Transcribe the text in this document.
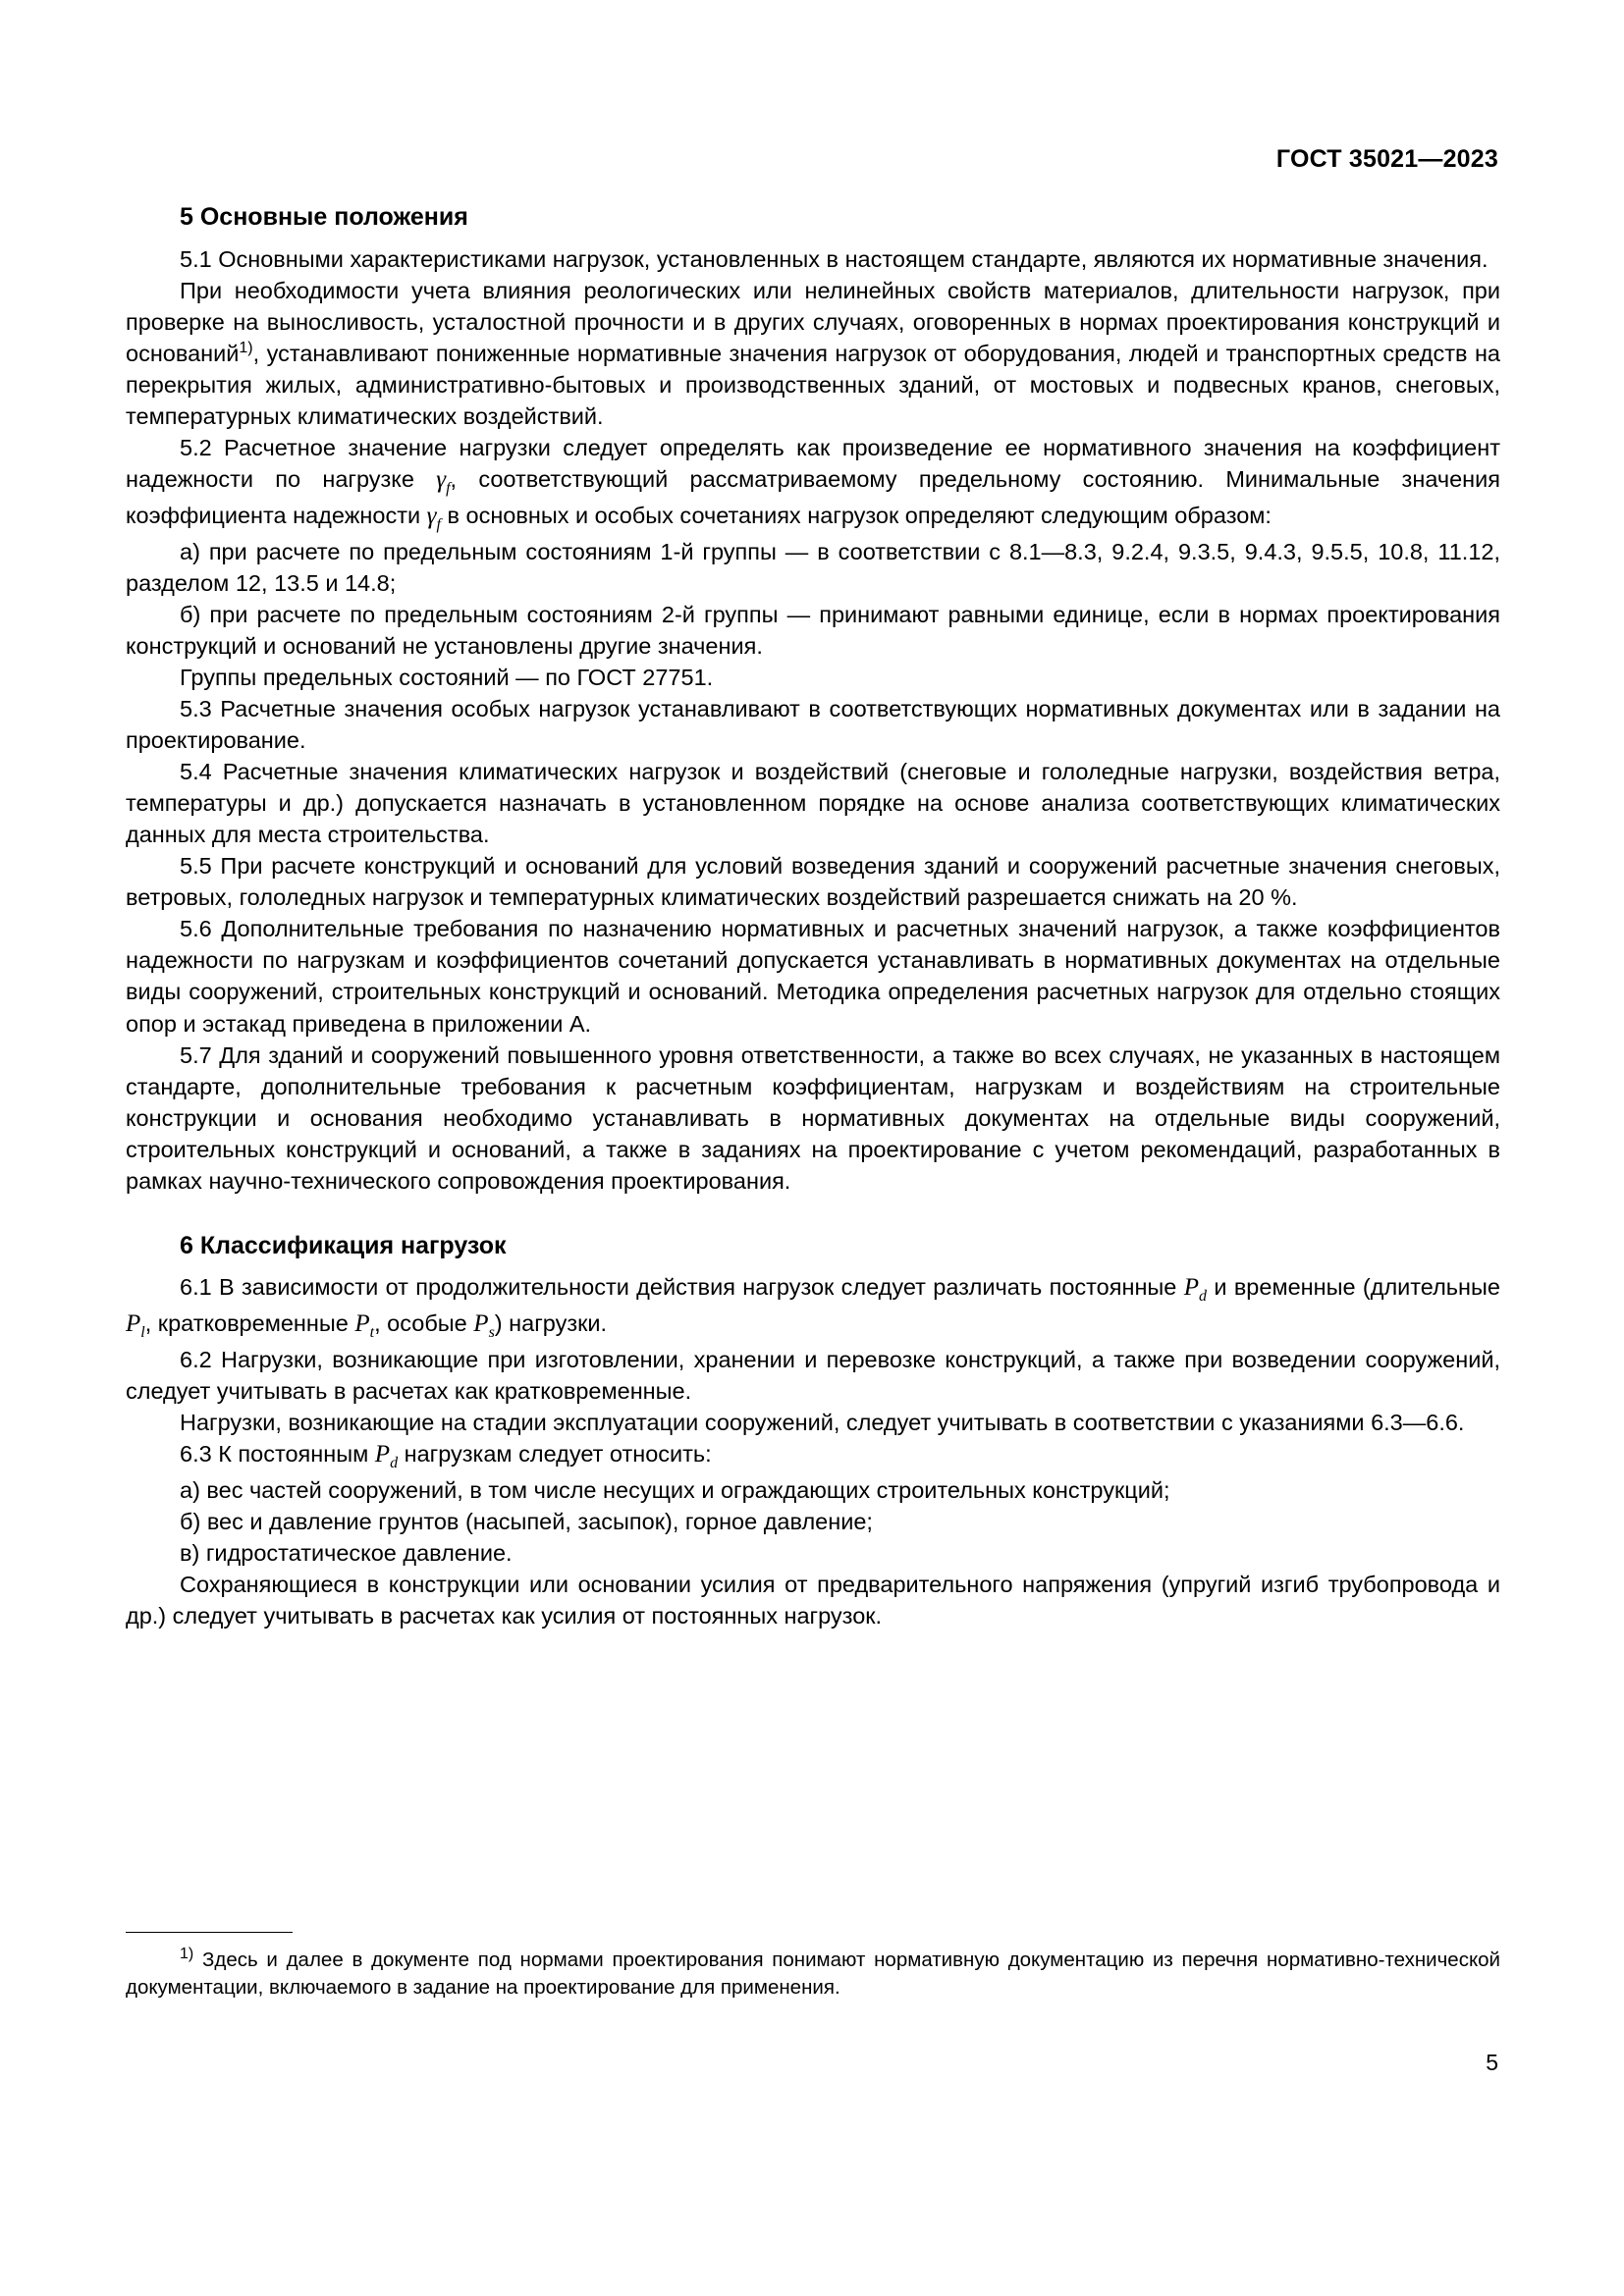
ГОСТ 35021—2023
5 Основные положения

5.1 Основными характеристиками нагрузок, установленных в настоящем стандарте, являются их нормативные значения.

При необходимости учета влияния реологических или нелинейных свойств материалов, длительности нагрузок, при проверке на выносливость, усталостной прочности и в других случаях, оговоренных в нормах проектирования конструкций и оснований$^{1)}$, устанавливают пониженные нормативные значения нагрузок от оборудования, людей и транспортных средств на перекрытия жилых, административно-бытовых и производственных зданий, от мостовых и подвесных кранов, снеговых, температурных климатических воздействий.

5.2 Расчетное значение нагрузки следует определять как произведение ее нормативного значения на коэффициент надежности по нагрузке $\gamma_f$, соответствующий рассматриваемому предельному состоянию. Минимальные значения коэффициента надежности $\gamma_f$ в основных и особых сочетаниях нагрузок определяют следующим образом:

а) при расчете по предельным состояниям 1-й группы — в соответствии с 8.1—8.3, 9.2.4, 9.3.5, 9.4.3, 9.5.5, 10.8, 11.12, разделом 12, 13.5 и 14.8;

б) при расчете по предельным состояниям 2-й группы — принимают равными единице, если в нормах проектирования конструкций и оснований не установлены другие значения.

Группы предельных состояний — по ГОСТ 27751.

5.3 Расчетные значения особых нагрузок устанавливают в соответствующих нормативных документах или в задании на проектирование.

5.4 Расчетные значения климатических нагрузок и воздействий (снеговые и гололедные нагрузки, воздействия ветра, температуры и др.) допускается назначать в установленном порядке на основе анализа соответствующих климатических данных для места строительства.

5.5 При расчете конструкций и оснований для условий возведения зданий и сооружений расчетные значения снеговых, ветровых, гололедных нагрузок и температурных климатических воздействий разрешается снижать на 20 %.

5.6 Дополнительные требования по назначению нормативных и расчетных значений нагрузок, а также коэффициентов надежности по нагрузкам и коэффициентов сочетаний допускается устанавливать в нормативных документах на отдельные виды сооружений, строительных конструкций и оснований. Методика определения расчетных нагрузок для отдельно стоящих опор и эстакад приведена в приложении А.

5.7 Для зданий и сооружений повышенного уровня ответственности, а также во всех случаях, не указанных в настоящем стандарте, дополнительные требования к расчетным коэффициентам, нагрузкам и воздействиям на строительные конструкции и основания необходимо устанавливать в нормативных документах на отдельные виды сооружений, строительных конструкций и оснований, а также в заданиях на проектирование с учетом рекомендаций, разработанных в рамках научно-технического сопровождения проектирования.

6 Классификация нагрузок

6.1 В зависимости от продолжительности действия нагрузок следует различать постоянные $P_d$ и временные (длительные $P_l$, кратковременные $P_t$, особые $P_s$) нагрузки.

6.2 Нагрузки, возникающие при изготовлении, хранении и перевозке конструкций, а также при возведении сооружений, следует учитывать в расчетах как кратковременные.

Нагрузки, возникающие на стадии эксплуатации сооружений, следует учитывать в соответствии с указаниями 6.3—6.6.

6.3 К постоянным $P_d$ нагрузкам следует относить:

а) вес частей сооружений, в том числе несущих и ограждающих строительных конструкций;

б) вес и давление грунтов (насыпей, засыпок), горное давление;

в) гидростатическое давление.

Сохраняющиеся в конструкции или основании усилия от предварительного напряжения (упругий изгиб трубопровода и др.) следует учитывать в расчетах как усилия от постоянных нагрузок.

$^{1)}$ Здесь и далее в документе под нормами проектирования понимают нормативную документацию из перечня нормативно-технической документации, включаемого в задание на проектирование для применения.

5
